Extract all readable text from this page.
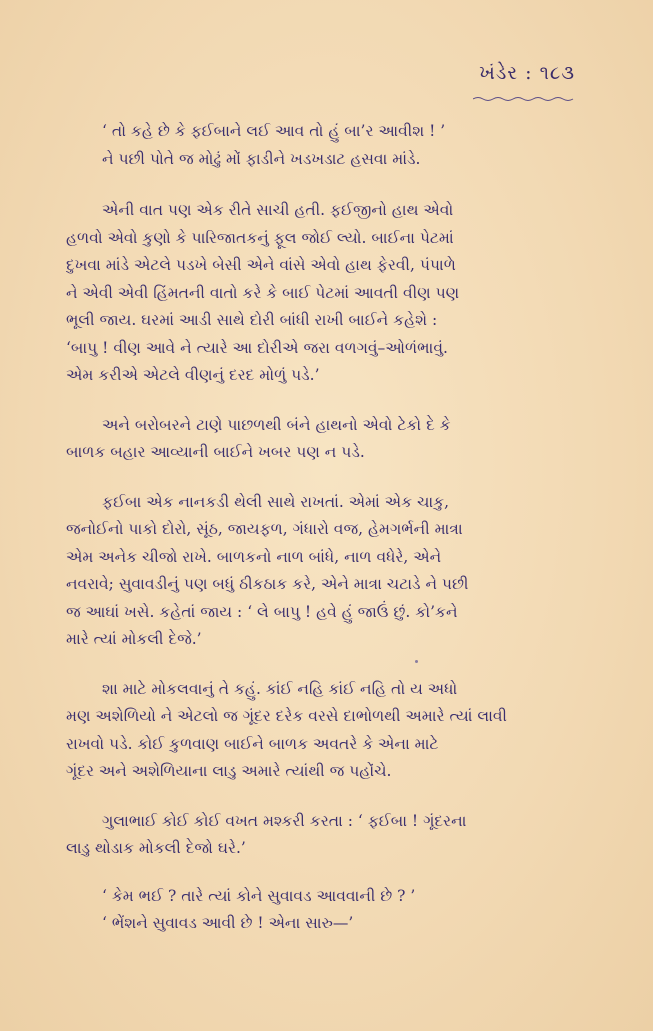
ખંડેર : ૧૮૩
‘ તો કહે છે કે ફઈબાને લઈ આવ તો હું બા’ર આવીશ ! ’
ને પછી પોતે જ મોઢું મોં ફાડીને ખડખડાટ હસવા માંડે.
એની વાત પણ એક રીતે સાચી હતી. ફઈજીનો હાથ એવો
હળવો એવો કુણો કે પારિજાતકનું ફૂલ જોઈ લ્યો. બાઈના પેટમાં
દુખવા માંડે એટલે પડખે બેસી એને વાંસે એવો હાથ ફેરવી, પંપાળે
ને એવી એવી હિંમતની વાતો કરે કે બાઈ પેટમાં આવતી વીણ પણ
ભૂલી જાય. ઘરમાં આડી સાથે દોરી બાંધી રાખી બાઈને કહેશે :
‘બાપુ ! વીણ આવે ને ત્યારે આ દોરીએ જરા વળગવું–ઓળંભાવું.
એમ કરીએ એટલે વીણનું દરદ મોળું પડે.’
અને બરોબરને ટાણે પાછળથી બંને હાથનો એવો ટેકો દે કે
બાળક બહાર આવ્યાની બાઈને ખબર પણ ન પડે.
ફઈબા એક નાનકડી થેલી સાથે રાખતાં. એમાં એક ચાકુ,
જનોઈનો પાકો દોરો, સૂંઠ, જાયફળ, ગંધારો વજ, હેમગર્ભની માત્રા
એમ અનેક ચીજો રાખે. બાળકનો નાળ બાંધે, નાળ વધેરે, એને
નવરાવે; સુવાવડીનું પણ બધું ઠીકઠાક કરે, એને માત્રા ચટાડે ને પછી
જ આઘાં ખસે. કહેતાં જાય : ‘ લે બાપુ ! હવે હું જાઉં છું. કો’કને
મારે ત્યાં મોકલી દેજે.’
શા માટે મોકલવાનું તે કહું. કાંઈ નહિ કાંઈ નહિ તો ય અધો
મણ અશેળિયો ને એટલો જ ગૂંદર દરેક વરસે દાભોળથી અમારે ત્યાં લાવી
રાખવો પડે. કોઈ કુળવાણ બાઈને બાળક અવતરે કે એના માટે
ગૂંદર અને અશેળિયાના લાડુ અમારે ત્યાંથી જ પહોંચે.
ગુલાભાઈ કોઈ કોઈ વખત મશ્કરી કરતા : ‘ ફઈબા ! ગૂંદરના
લાડુ થોડાક મોકલી દેજો ઘરે.’
‘ કેમ ભઈ ? તારે ત્યાં કોને સુવાવડ આવવાની છે ? ’
‘ ભેંશને સુવાવડ આવી છે ! એના સારુ—’
